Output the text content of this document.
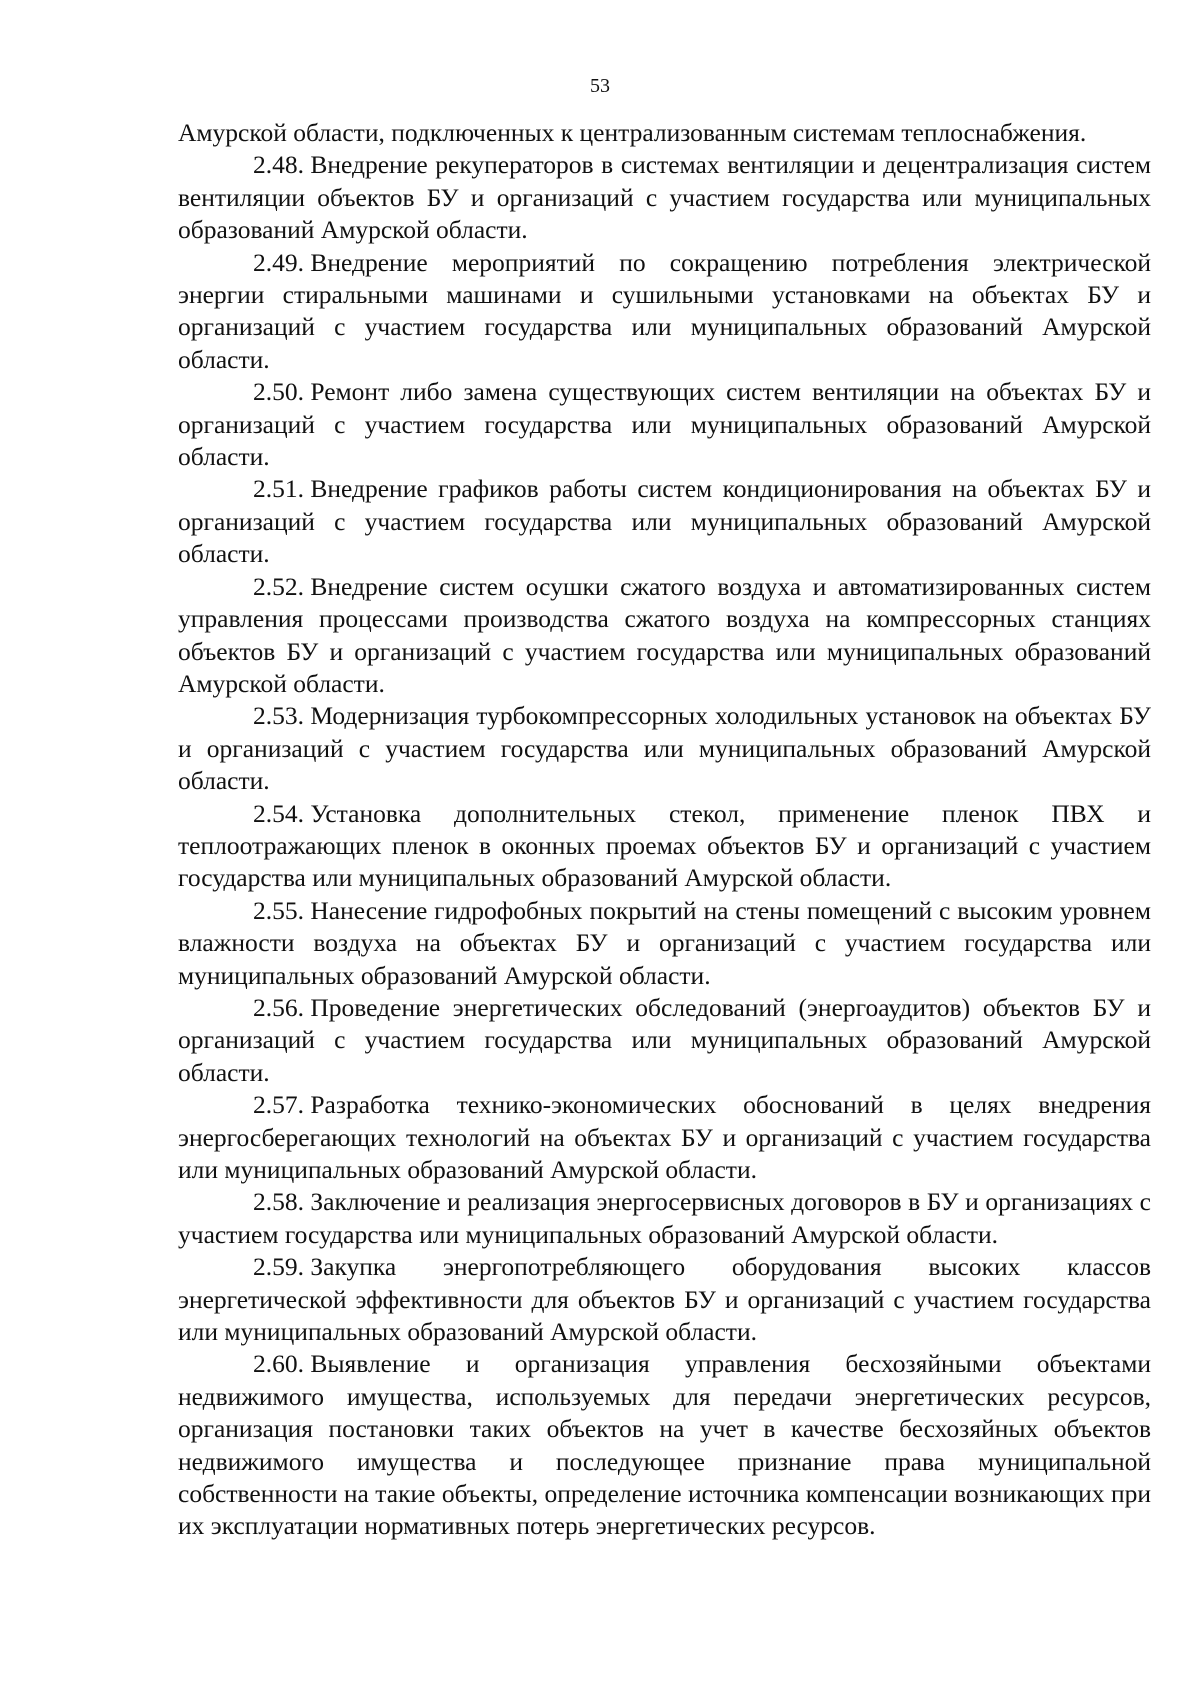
53

Амурской области, подключенных к централизованным системам теплоснабжения.

2.48. Внедрение рекуператоров в системах вентиляции и децентрализация систем вентиляции объектов БУ и организаций с участием государства или муниципальных образований Амурской области.

2.49. Внедрение мероприятий по сокращению потребления электрической энергии стиральными машинами и сушильными установками на объектах БУ и организаций с участием государства или муниципальных образований Амурской области.

2.50. Ремонт либо замена существующих систем вентиляции на объектах БУ и организаций с участием государства или муниципальных образований Амурской области.

2.51. Внедрение графиков работы систем кондиционирования на объектах БУ и организаций с участием государства или муниципальных образований Амурской области.

2.52. Внедрение систем осушки сжатого воздуха и автоматизированных систем управления процессами производства сжатого воздуха на компрессорных станциях объектов БУ и организаций с участием государства или муниципальных образований Амурской области.

2.53. Модернизация турбокомпрессорных холодильных установок на объектах БУ и организаций с участием государства или муниципальных образований Амурской области.

2.54. Установка дополнительных стекол, применение пленок ПВХ и теплоотражающих пленок в оконных проемах объектов БУ и организаций с участием государства или муниципальных образований Амурской области.

2.55. Нанесение гидрофобных покрытий на стены помещений с высоким уровнем влажности воздуха на объектах БУ и организаций с участием государства или муниципальных образований Амурской области.

2.56. Проведение энергетических обследований (энергоаудитов) объектов БУ и организаций с участием государства или муниципальных образований Амурской области.

2.57. Разработка технико-экономических обоснований в целях внедрения энергосберегающих технологий на объектах БУ и организаций с участием государства или муниципальных образований Амурской области.

2.58. Заключение и реализация энергосервисных договоров в БУ и организациях с участием государства или муниципальных образований Амурской области.

2.59. Закупка энергопотребляющего оборудования высоких классов энергетической эффективности для объектов БУ и организаций с участием государства или муниципальных образований Амурской области.

2.60. Выявление и организация управления бесхозяйными объектами недвижимого имущества, используемых для передачи энергетических ресурсов, организация постановки таких объектов на учет в качестве бесхозяйных объектов недвижимого имущества и последующее признание права муниципальной собственности на такие объекты, определение источника компенсации возникающих при их эксплуатации нормативных потерь энергетических ресурсов.
